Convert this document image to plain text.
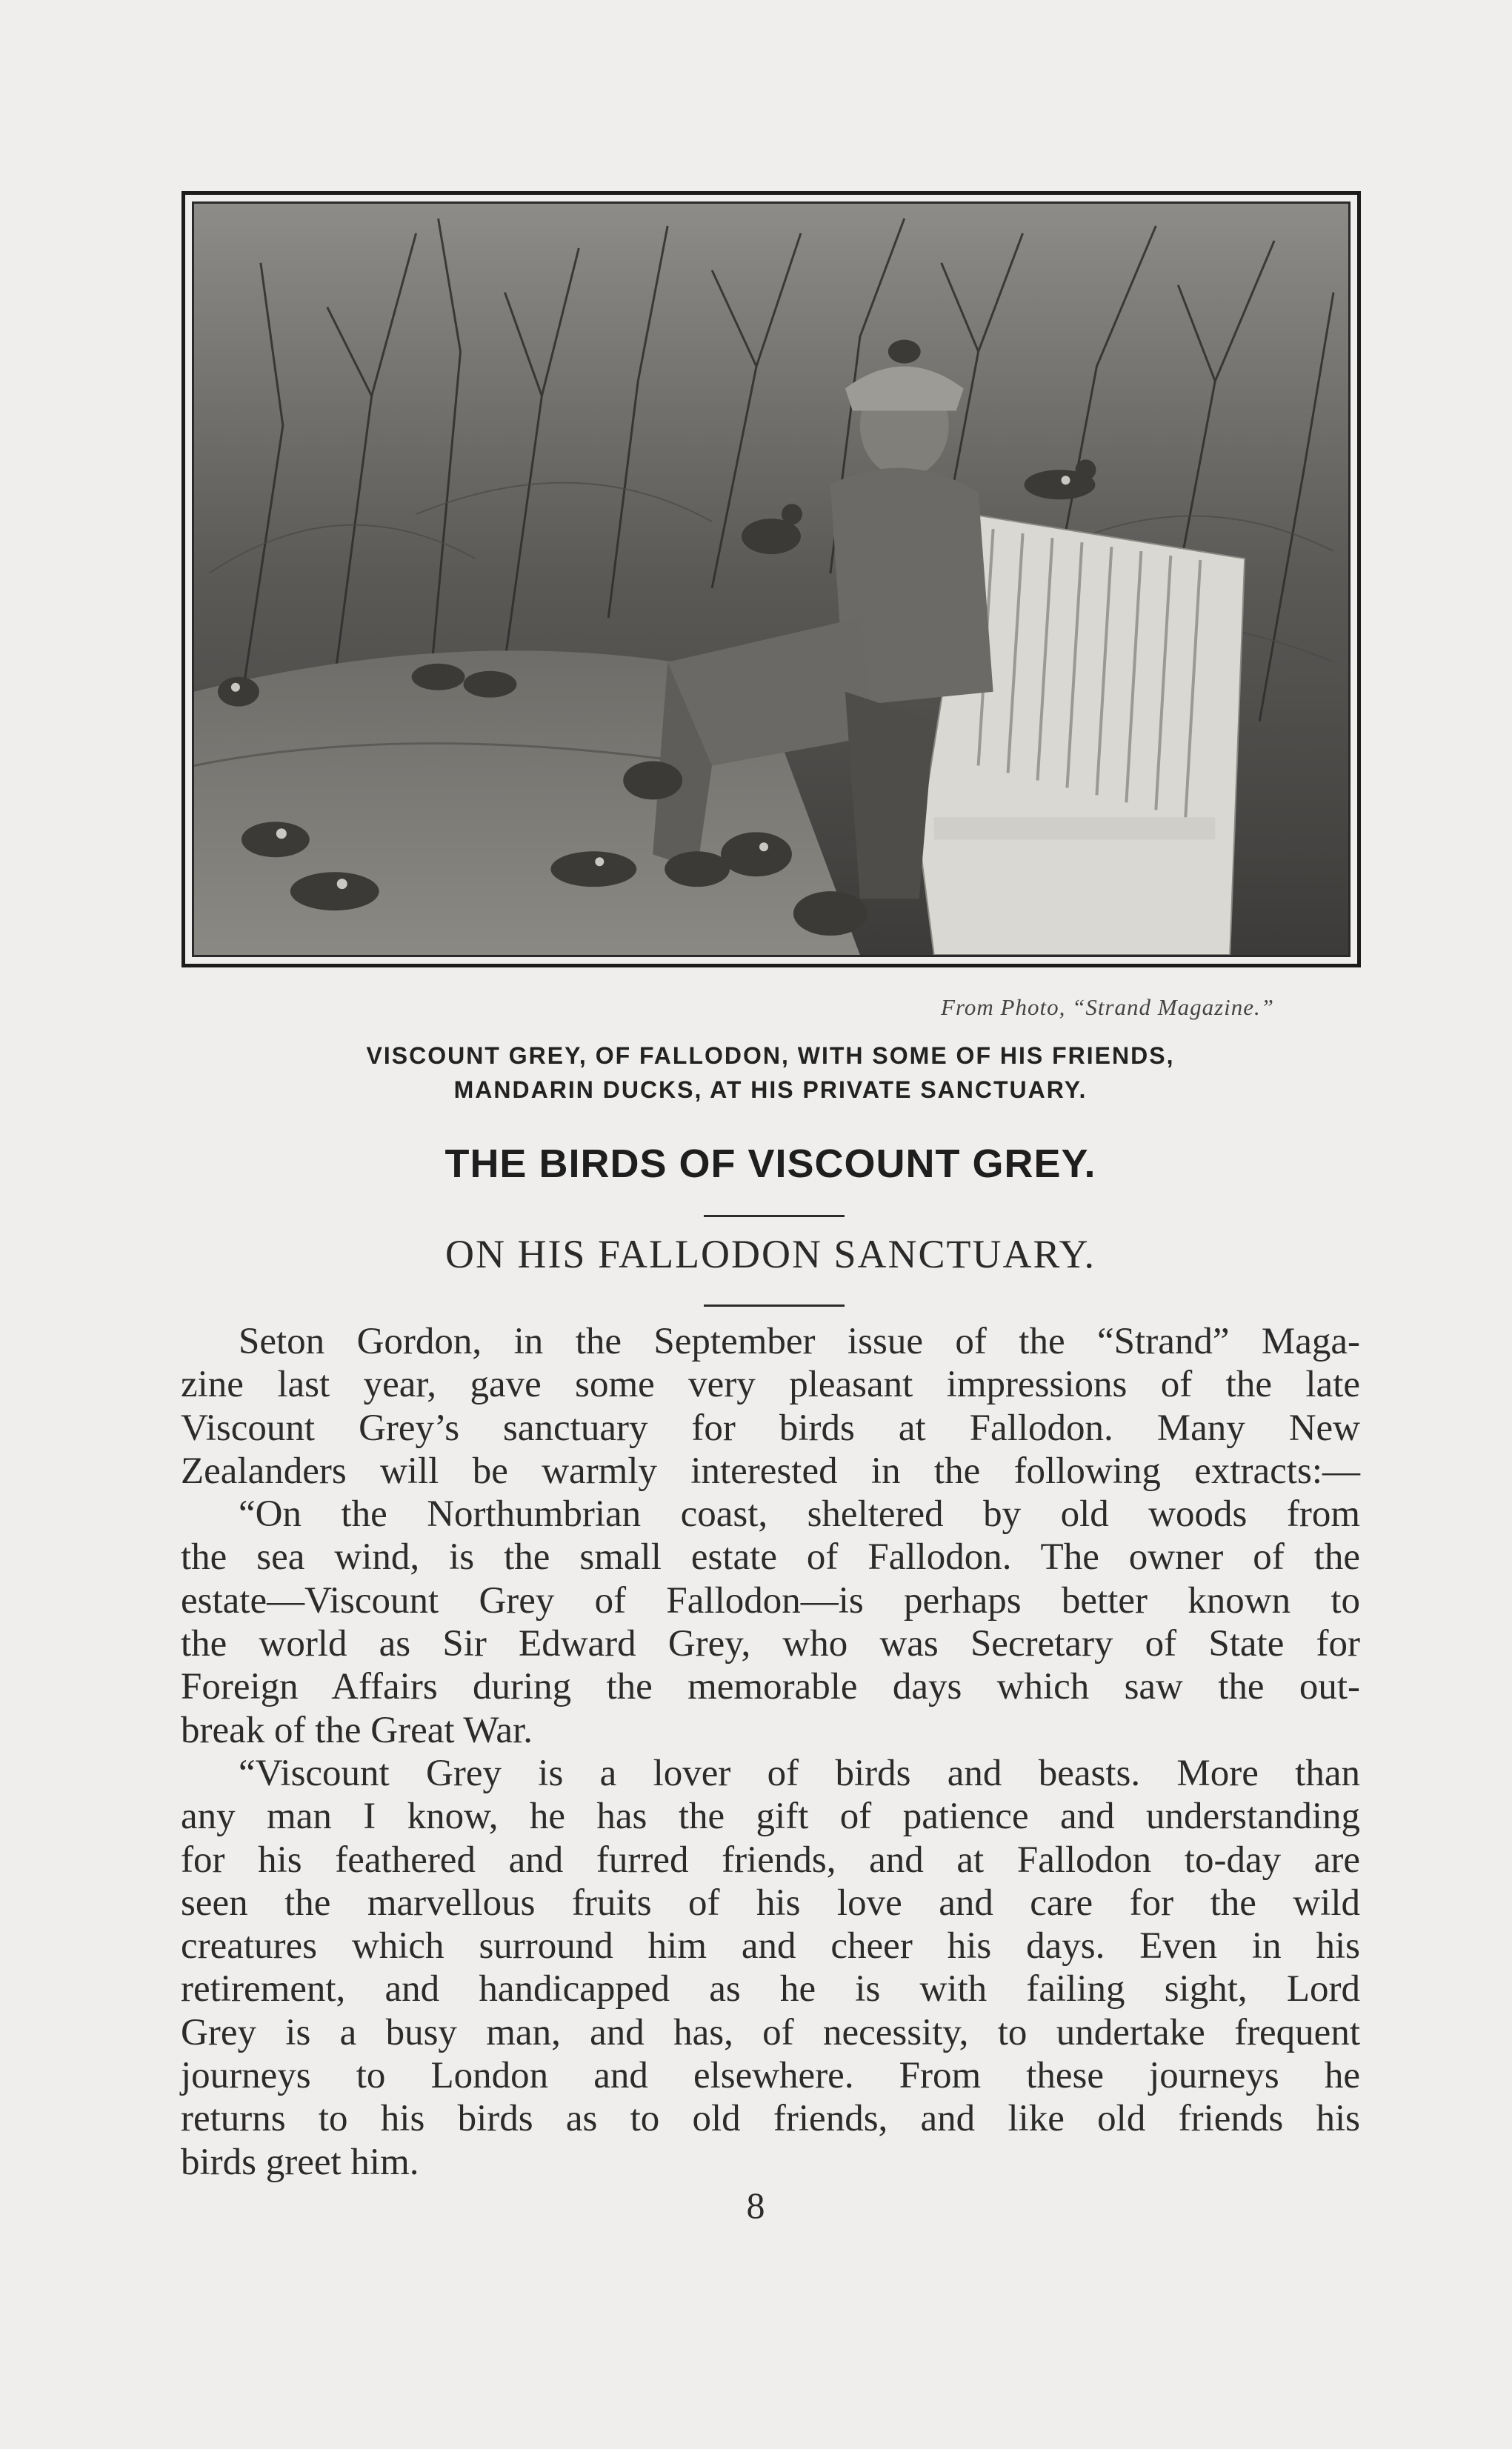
From Photo, “Strand Magazine.”
VISCOUNT GREY, OF FALLODON, WITH SOME OF HIS FRIENDS,
MANDARIN DUCKS, AT HIS PRIVATE SANCTUARY.
THE BIRDS OF VISCOUNT GREY.
ON HIS FALLODON SANCTUARY.
Seton Gordon, in the September issue of the “Strand” Maga-
zine last year, gave some very pleasant impressions of the late
Viscount Grey’s sanctuary for birds at Fallodon. Many New
Zealanders will be warmly interested in the following extracts:—
“On the Northumbrian coast, sheltered by old woods from
the sea wind, is the small estate of Fallodon. The owner of the
estate—Viscount Grey of Fallodon—is perhaps better known to
the world as Sir Edward Grey, who was Secretary of State for
Foreign Affairs during the memorable days which saw the out-
break of the Great War.
“Viscount Grey is a lover of birds and beasts. More than
any man I know, he has the gift of patience and understanding
for his feathered and furred friends, and at Fallodon to-day are
seen the marvellous fruits of his love and care for the wild
creatures which surround him and cheer his days. Even in his
retirement, and handicapped as he is with failing sight, Lord
Grey is a busy man, and has, of necessity, to undertake frequent
journeys to London and elsewhere. From these journeys he
returns to his birds as to old friends, and like old friends his
birds greet him.
8
